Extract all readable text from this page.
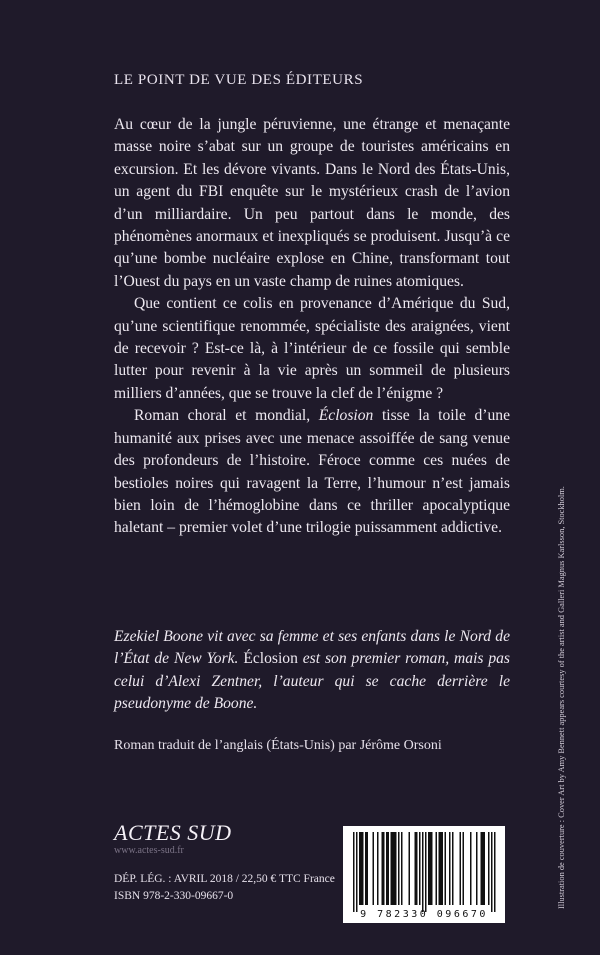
LE POINT DE VUE DES ÉDITEURS

Au cœur de la jungle péruvienne, une étrange et menaçante masse noire s’abat sur un groupe de touristes américains en excursion. Et les dévore vivants. Dans le Nord des États-Unis, un agent du FBI enquête sur le mystérieux crash de l’avion d’un milliardaire. Un peu partout dans le monde, des phénomènes anormaux et inexpliqués se produisent. Jusqu’à ce qu’une bombe nucléaire explose en Chine, transformant tout l’Ouest du pays en un vaste champ de ruines atomiques.

Que contient ce colis en provenance d’Amérique du Sud, qu’une scientifique renommée, spécialiste des araignées, vient de recevoir ? Est-ce là, à l’intérieur de ce fossile qui semble lutter pour revenir à la vie après un sommeil de plusieurs milliers d’années, que se trouve la clef de l’énigme ?

Roman choral et mondial, Éclosion tisse la toile d’une humanité aux prises avec une menace assoiffée de sang venue des profondeurs de l’histoire. Féroce comme ces nuées de bestioles noires qui ravagent la Terre, l’humour n’est jamais bien loin de l’hémoglobine dans ce thriller apocalyptique haletant – premier volet d’une trilogie puissamment addictive.

Ezekiel Boone vit avec sa femme et ses enfants dans le Nord de l’État de New York. Éclosion est son premier roman, mais pas celui d’Alexi Zentner, l’auteur qui se cache derrière le pseudonyme de Boone.

Roman traduit de l’anglais (États-Unis) par Jérôme Orsoni
ACTES SUD
www.actes-sud.fr
DÉP. LÉG. : AVRIL 2018 / 22,50 € TTC France
ISBN 978-2-330-09667-0
9 782330 096670
Illustration de couverture : Cover Art by Amy Bennett appears courtesy of the artist and Galleri Magnus Karlsson, Stockholm.
